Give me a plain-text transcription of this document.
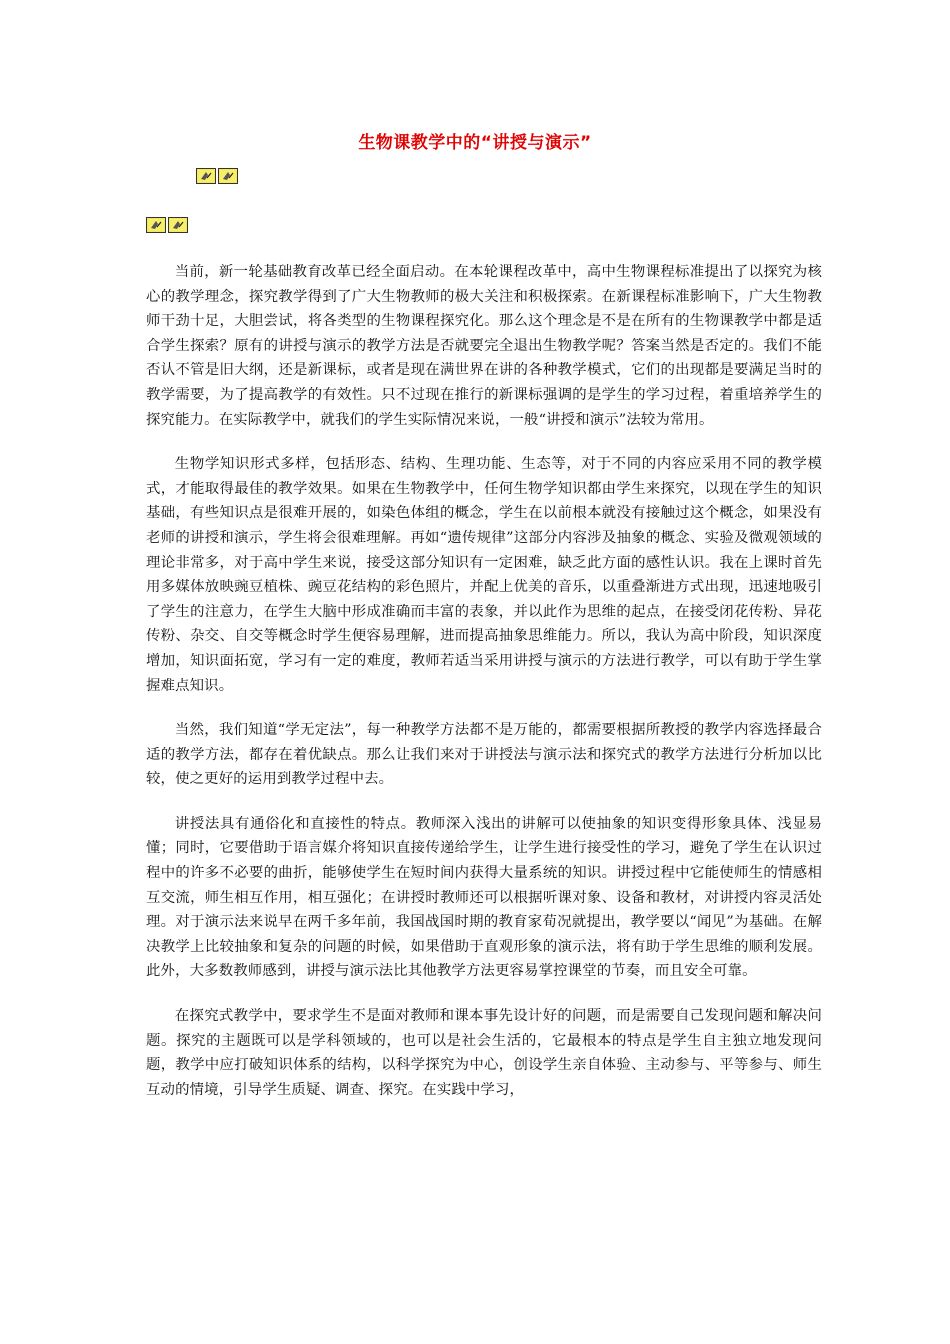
生物课教学中的“讲授与演示”

当前，新一轮基础教育改革已经全面启动。在本轮课程改革中，高中生物课程标准提出了以探究为核心的教学理念，探究教学得到了广大生物教师的极大关注和积极探索。在新课程标准影响下，广大生物教师干劲十足，大胆尝试，将各类型的生物课程探究化。那么这个理念是不是在所有的生物课教学中都是适合学生探索？原有的讲授与演示的教学方法是否就要完全退出生物教学呢？答案当然是否定的。我们不能否认不管是旧大纲，还是新课标，或者是现在满世界在讲的各种教学模式，它们的出现都是要满足当时的教学需要，为了提高教学的有效性。只不过现在推行的新课标强调的是学生的学习过程，着重培养学生的探究能力。在实际教学中，就我们的学生实际情况来说，一般“讲授和演示”法较为常用。

生物学知识形式多样，包括形态、结构、生理功能、生态等，对于不同的内容应采用不同的教学模式，才能取得最佳的教学效果。如果在生物教学中，任何生物学知识都由学生来探究，以现在学生的知识基础，有些知识点是很难开展的，如染色体组的概念，学生在以前根本就没有接触过这个概念，如果没有老师的讲授和演示，学生将会很难理解。再如“遗传规律”这部分内容涉及抽象的概念、实验及微观领域的理论非常多，对于高中学生来说，接受这部分知识有一定困难，缺乏此方面的感性认识。我在上课时首先用多媒体放映豌豆植株、豌豆花结构的彩色照片，并配上优美的音乐，以重叠渐进方式出现，迅速地吸引了学生的注意力，在学生大脑中形成准确而丰富的表象，并以此作为思维的起点，在接受闭花传粉、异花传粉、杂交、自交等概念时学生便容易理解，进而提高抽象思维能力。所以，我认为高中阶段，知识深度增加，知识面拓宽，学习有一定的难度，教师若适当采用讲授与演示的方法进行教学，可以有助于学生掌握难点知识。

当然，我们知道“学无定法”，每一种教学方法都不是万能的，都需要根据所教授的教学内容选择最合适的教学方法，都存在着优缺点。那么让我们来对于讲授法与演示法和探究式的教学方法进行分析加以比较，使之更好的运用到教学过程中去。

讲授法具有通俗化和直接性的特点。教师深入浅出的讲解可以使抽象的知识变得形象具体、浅显易懂；同时，它要借助于语言媒介将知识直接传递给学生，让学生进行接受性的学习，避免了学生在认识过程中的许多不必要的曲折，能够使学生在短时间内获得大量系统的知识。讲授过程中它能使师生的情感相互交流，师生相互作用，相互强化；在讲授时教师还可以根据听课对象、设备和教材，对讲授内容灵活处理。对于演示法来说早在两千多年前，我国战国时期的教育家荀况就提出，教学要以“闻见”为基础。在解决教学上比较抽象和复杂的问题的时候，如果借助于直观形象的演示法，将有助于学生思维的顺利发展。此外，大多数教师感到，讲授与演示法比其他教学方法更容易掌控课堂的节奏，而且安全可靠。

在探究式教学中，要求学生不是面对教师和课本事先设计好的问题，而是需要自己发现问题和解决问题。探究的主题既可以是学科领域的，也可以是社会生活的，它最根本的特点是学生自主独立地发现问题，教学中应打破知识体系的结构，以科学探究为中心，创设学生亲自体验、主动参与、平等参与、师生互动的情境，引导学生质疑、调查、探究。在实践中学习，
